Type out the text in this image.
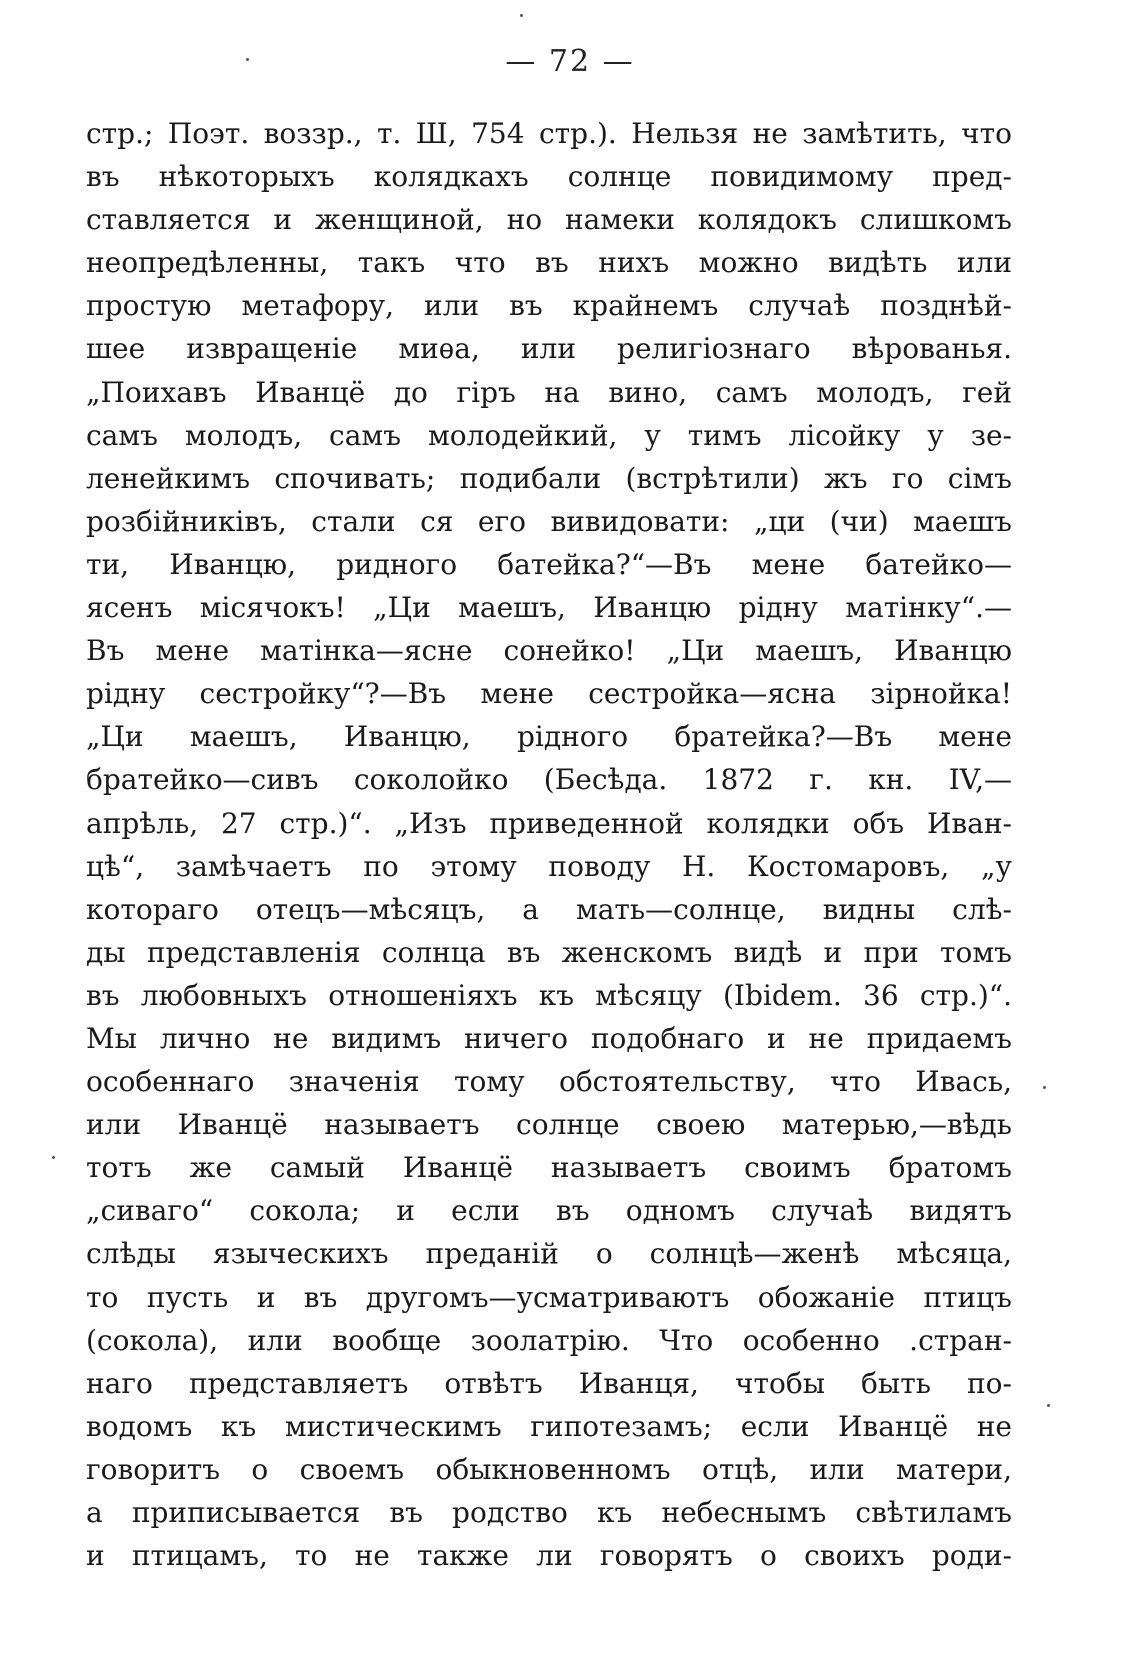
— 72 —
стр.; Поэт. воззр., т. Ш, 754 стр.). Нельзя не замѣтить, что
въ нѣкоторыхъ колядкахъ солнце повидимому пред-
ставляется и женщиной, но намеки колядокъ слишкомъ
неопредѣленны, такъ что въ нихъ можно видѣть или
простую метафору, или въ крайнемъ случаѣ позднѣй-
шее извращеніе миѳа, или религіознаго вѣрованья.
„Поихавъ Иванцё до гіръ на вино, самъ молодъ, гей
самъ молодъ, самъ молодейкий, у тимъ лісойку у зе-
ленейкимъ спочивать; подибали (встрѣтили) жъ го сімъ
розбійниківъ, стали ся его вивидовати: „ци (чи) маешъ
ти, Иванцю, ридного батейка?“—Въ мене батейко—
ясенъ місячокъ! „Ци маешъ, Иванцю рідну матінку“.—
Въ мене матінка—ясне сонейко! „Ци маешъ, Иванцю
рідну сестройку“?—Въ мене сестройка—ясна зірнойка!
„Ци маешъ, Иванцю, рідного братейка?—Въ мене
братейко—сивъ соколойко (Бесѣда. 1872 г. кн. IV,—
апрѣль, 27 стр.)“. „Изъ приведенной колядки объ Иван-
цѣ“, замѣчаетъ по этому поводу Н. Костомаровъ, „у
котораго отецъ—мѣсяцъ, а мать—солнце, видны слѣ-
ды представленія солнца въ женскомъ видѣ и при томъ
въ любовныхъ отношеніяхъ къ мѣсяцу (Ibidem. 36 стр.)“.
Мы лично не видимъ ничего подобнаго и не придаемъ
особеннаго значенія тому обстоятельству, что Ивась,
или Иванцё называетъ солнце своею матерью,—вѣдь
тотъ же самый Иванцё называетъ своимъ братомъ
„сиваго“ сокола; и если въ одномъ случаѣ видятъ
слѣды языческихъ преданій о солнцѣ—женѣ мѣсяца,
то пусть и въ другомъ—усматриваютъ обожаніе птицъ
(сокола), или вообще зоолатрію. Что особенно .стран-
наго представляетъ отвѣтъ Иванця, чтобы быть по-
водомъ къ мистическимъ гипотезамъ; если Иванцё не
говоритъ о своемъ обыкновенномъ отцѣ, или матери,
а приписывается въ родство къ небеснымъ свѣтиламъ
и птицамъ, то не также ли говорятъ о своихъ роди-
